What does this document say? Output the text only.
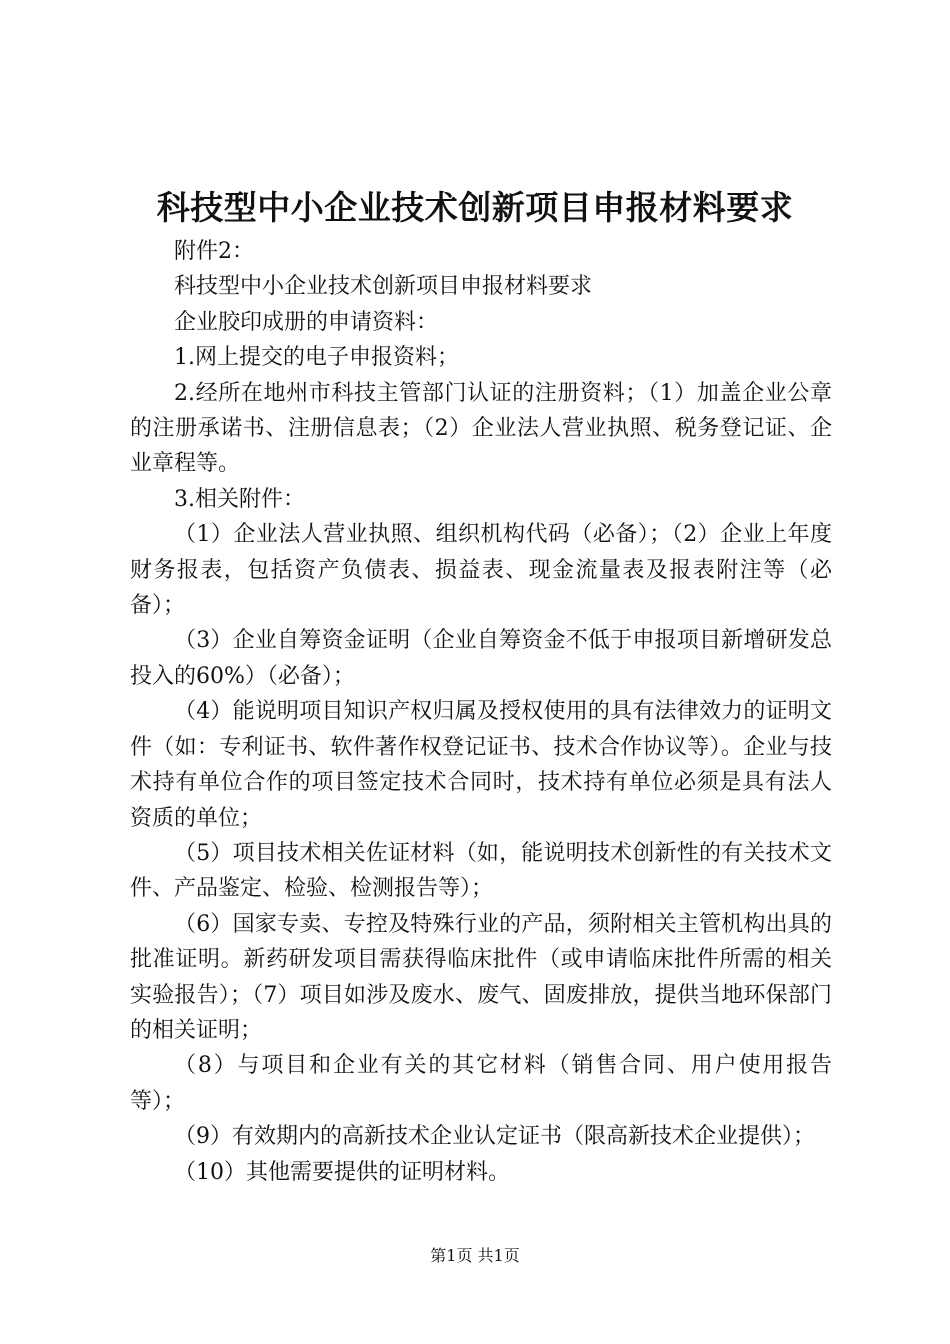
科技型中小企业技术创新项目申报材料要求

附件2：

科技型中小企业技术创新项目申报材料要求

企业胶印成册的申请资料：

1.网上提交的电子申报资料；

2.经所在地州市科技主管部门认证的注册资料；（1）加盖企业公章的注册承诺书、注册信息表；（2）企业法人营业执照、税务登记证、企业章程等。

3.相关附件：

（1）企业法人营业执照、组织机构代码（必备）；（2）企业上年度财务报表，包括资产负债表、损益表、现金流量表及报表附注等（必备）；

（3）企业自筹资金证明（企业自筹资金不低于申报项目新增研发总投入的60%）（必备）；

（4）能说明项目知识产权归属及授权使用的具有法律效力的证明文件（如：专利证书、软件著作权登记证书、技术合作协议等）。企业与技术持有单位合作的项目签定技术合同时，技术持有单位必须是具有法人资质的单位；

（5）项目技术相关佐证材料（如，能说明技术创新性的有关技术文件、产品鉴定、检验、检测报告等）；

（6）国家专卖、专控及特殊行业的产品，须附相关主管机构出具的批准证明。新药研发项目需获得临床批件（或申请临床批件所需的相关实验报告）；（7）项目如涉及废水、废气、固废排放，提供当地环保部门的相关证明；

（8）与项目和企业有关的其它材料（销售合同、用户使用报告等）；

（9）有效期内的高新技术企业认定证书（限高新技术企业提供）；

（10）其他需要提供的证明材料。

第1页 共1页
